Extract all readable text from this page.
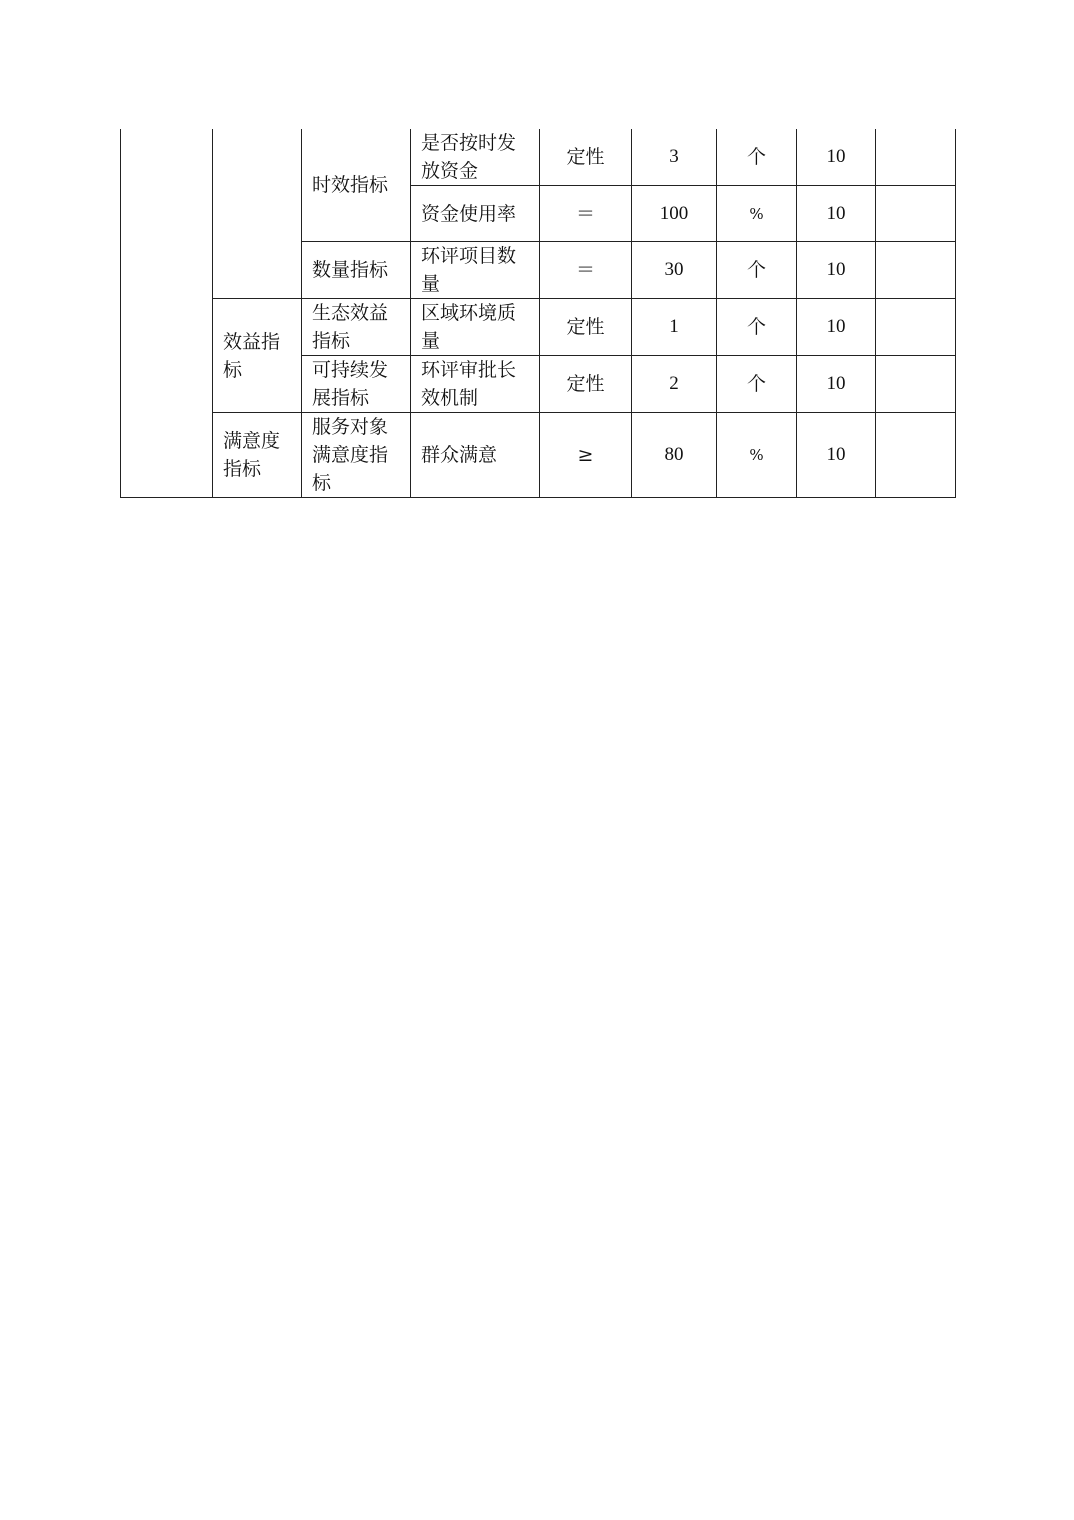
		时效指标	是否按时发放资金	定性	3	个	10	
			资金使用率	＝	100	%	10	
		数量指标	环评项目数量	＝	30	个	10	
	效益指标	生态效益指标	区域环境质量	定性	1	个	10	
		可持续发展指标	环评审批长效机制	定性	2	个	10	
	满意度指标	服务对象满意度指标	群众满意	≥	80	%	10	
